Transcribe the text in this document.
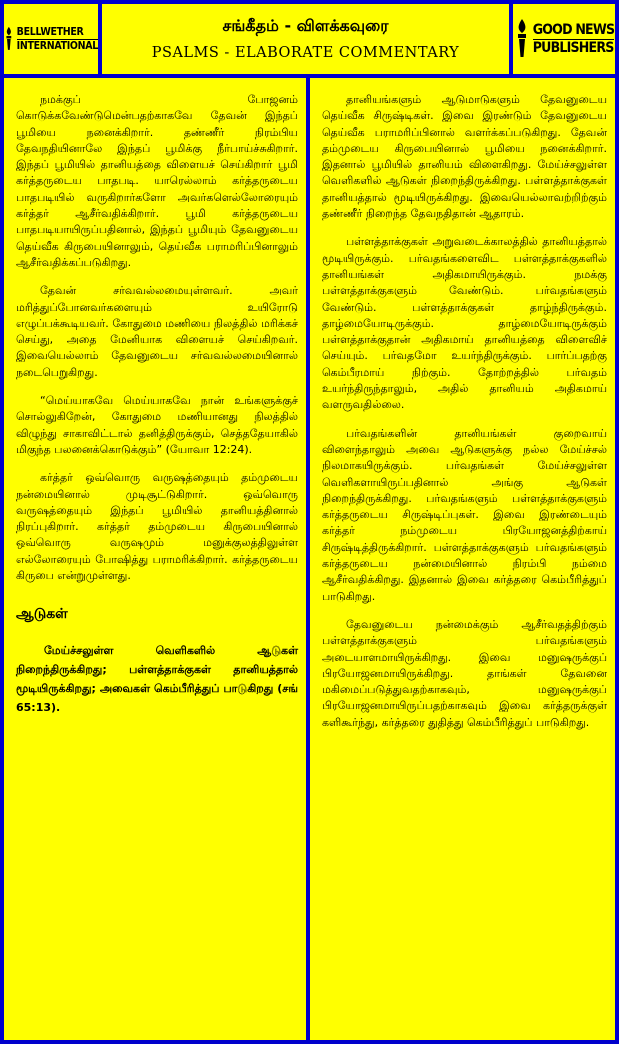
BELLWETHER
INTERNATIONAL
சங்கீதம் - விளக்கவுரை
PSALMS - ELABORATE COMMENTARY
GOOD NEWS
PUBLISHERS

நமக்குப் போஜனம் கொடுக்கவேண்டுமென்பதற்காகவே தேவன் இந்தப் பூமியை நனைக்கிறார். தண்ணீர் நிரம்பிய தேவநதியினாலே இந்தப் பூமிக்கு நீர்பாய்ச்சுகிறார். இந்தப் பூமியில் தானியத்தை விளையச் செய்கிறார் பூமி கர்த்தருடைய பாதபடி. யாரெல்லாம் கர்த்தருடைய பாதபடியில் வருகிறார்களோ அவர்களெல்லோரையும் கர்த்தர் ஆசீர்வதிக்கிறார். பூமி கர்த்தருடைய பாதபடியாயிருப்பதினால், இந்தப் பூமியும் தேவனுடைய தெய்வீக கிருபையினாலும், தெய்வீக பராமரிப்பினாலும் ஆசீர்வதிக்கப்படுகிறது.

தேவன் சர்வவல்லமையுள்ளவர். அவர் மரித்துப்போனவர்களையும் உயிரோடு எழுப்பக்கூடியவர். கோதுமை மணியை நிலத்தில் மரிக்கச் செய்து, அதை மேனியாக விளையச் செய்கிறவர். இவையெல்லாம் தேவனுடைய சர்வவல்லமையினால் நடைபெறுகிறது.

“மெய்யாகவே மெய்யாகவே நான் உங்களுக்குச் சொல்லுகிறேன், கோதுமை மணியானது நிலத்தில் விழுந்து சாகாவிட்டால் தனித்திருக்கும், செத்ததேயாகில் மிகுந்த பலனைக்கொடுக்கும்” (யோவா 12:24).

கர்த்தர் ஒவ்வொரு வருஷத்தையும் தம்முடைய நன்மையினால் முடிசூட்டுகிறார். ஒவ்வொரு வருஷத்தையும் இந்தப் பூமியில் தானியத்தினால் நிரப்புகிறார். கர்த்தர் தம்முடைய கிருபையினால் ஒவ்வொரு வருஷமும் மனுக்குலத்திலுள்ள எல்லோரையும் போஷித்து பராமரிக்கிறார். கர்த்தருடைய கிருபை என்றுமுள்ளது.

ஆடுகள்

மேய்ச்சலுள்ள வெளிகளில் ஆடுகள் நிறைந்திருக்கிறது; பள்ளத்தாக்குகள் தானியத்தால் மூடியிருக்கிறது; அவைகள் கெம்பீரித்துப் பாடுகிறது (சங் 65:13).

தானியங்களும் ஆடுமாடுகளும் தேவனுடைய தெய்வீக சிருஷ்டிகள். இவை இரண்டும் தேவனுடைய தெய்வீக பராமரிப்பினால் வளர்க்கப்படுகிறது. தேவன் தம்முடைய கிருபையினால் பூமியை நனைக்கிறார். இதனால் பூமியில் தானியம் விளைகிறது. மேய்ச்சலுள்ள வெளிகளில் ஆடுகள் நிறைந்திருக்கிறது. பள்ளத்தாக்குகள் தானியத்தால் மூடியிருக்கிறது. இவையெல்லாவற்றிற்கும் தண்ணீர் நிறைந்த தேவநதிதான் ஆதாரம்.

பள்ளத்தாக்குகள் அறுவடைக்காலத்தில் தானியத்தால் மூடியிருக்கும். பர்வதங்களைவிட பள்ளத்தாக்குகளில் தானியங்கள் அதிகமாயிருக்கும். நமக்கு பள்ளத்தாக்குகளும் வேண்டும். பர்வதங்களும் வேண்டும். பள்ளத்தாக்குகள் தாழ்ந்திருக்கும். தாழ்மையோடிருக்கும். தாழ்மையோடிருக்கும் பள்ளத்தாக்குதான் அதிகமாய் தானியத்தை விளைவிச் செய்யும். பர்வதமோ உயர்ந்திருக்கும். பார்ப்பதற்கு கெம்பீரமாய் நிற்கும். தோற்றத்தில் பர்வதம் உயர்ந்திருந்தாலும், அதில் தானியம் அதிகமாய் வளருவதில்லை.

பர்வதங்களின் தானியங்கள் குறைவாய் விளைந்தாலும் அவை ஆடுகளுக்கு நல்ல மேய்ச்சல் நிலமாகயிருக்கும். பர்வதங்கள் மேய்ச்சலுள்ள வெளிகளாயிருப்பதினால் அங்கு ஆடுகள் நிறைந்திருக்கிறது. பர்வதங்களும் பள்ளத்தாக்குகளும் கர்த்தருடைய சிருஷ்டிப்புகள். இவை இரண்டையும் கர்த்தர் நம்முடைய பிரயோஜனத்திற்காய் சிருஷ்டித்திருக்கிறார். பள்ளத்தாக்குகளும் பர்வதங்களும் கர்த்தருடைய நன்மையினால் நிரம்பி நம்மை ஆசீர்வதிக்கிறது. இதனால் இவை கர்த்தரை கெம்பீரித்துப் பாடுகிறது.

தேவனுடைய நன்மைக்கும் ஆசீர்வதத்திற்கும் பள்ளத்தாக்குகளும் பர்வதங்களும் அடையாளமாயிருக்கிறது. இவை மனுஷருக்குப் பிரயோஜனமாயிருக்கிறது. தாங்கள் தேவனை மகிமைப்படுத்துவதற்காகவும், மனுஷருக்குப் பிரயோஜனமாயிருப்பதற்காகவும் இவை கர்த்தருக்குள் களிகூர்ந்து, கர்த்தரை துதித்து கெம்பீரித்துப் பாடுகிறது.
